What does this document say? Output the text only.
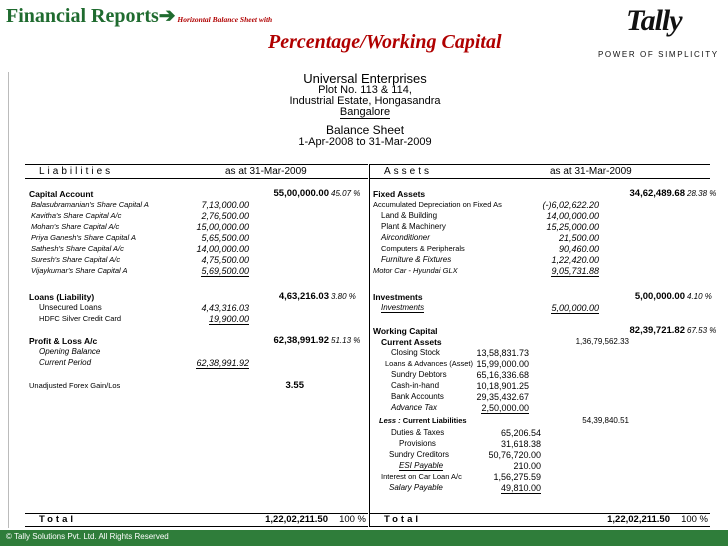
Financial Reports➔ Horizontal Balance Sheet with
Percentage/Working Capital
Tally
POWER OF SIMPLICITY
Universal Enterprises
Plot No. 113 & 114,
Industrial Estate, Hongasandra
Bangalore
Balance Sheet
1-Apr-2008 to 31-Mar-2009
Liabilities	as at 31-Mar-2009	Assets	as at 31-Mar-2009
Capital Account	55,00,000.00 45.07 %
Balasubramanian's Share Capital A	7,13,000.00
Kavitha's Share Capital A/c	2,76,500.00
Mohan's Share Capital A/c	15,00,000.00
Priya Ganesh's Share Capital A	5,65,500.00
Sathesh's Share Capital A/c	14,00,000.00
Suresh's Share Capital A/c	4,75,500.00
Vijaykumar's Share Capital A	5,69,500.00
Loans (Liability)	4,63,216.03 3.80 %
Unsecured Loans	4,43,316.03
HDFC Silver Credit Card	19,900.00
Profit & Loss A/c	62,38,991.92 51.13 %
Opening Balance
Current Period	62,38,991.92
Unadjusted Forex Gain/Los	3.55
Fixed Assets	34,62,489.68 28.38 %
Accumulated Depreciation on Fixed As	(-)6,02,622.20
Land & Building	14,00,000.00
Plant & Machinery	15,25,000.00
Airconditioner	21,500.00
Computers & Peripherals	90,460.00
Furniture & Fixtures	1,22,420.00
Motor Car - Hyundai GLX	9,05,731.88
Investments	5,00,000.00 4.10 %
Investments	5,00,000.00
Working Capital	82,39,721.82 67.53 %
Current Assets	1,36,79,562.33
Closing Stock	13,58,831.73
Loans & Advances (Asset) 15,99,000.00
Sundry Debtors	65,16,336.68
Cash-in-hand	10,18,901.25
Bank Accounts	29,35,432.67
Advance Tax	2,50,000.00
Less : Current Liabilities	54,39,840.51
Duties & Taxes	65,206.54
Provisions	31,618.38
Sundry Creditors	50,76,720.00
ESI Payable	210.00
Interest on Car Loan A/c	1,56,275.59
Salary Payable	49,810.00
Total	1,22,02,211.50 100 % Total	1,22,02,211.50 100 %
© Tally Solutions Pvt. Ltd. All Rights Reserved
